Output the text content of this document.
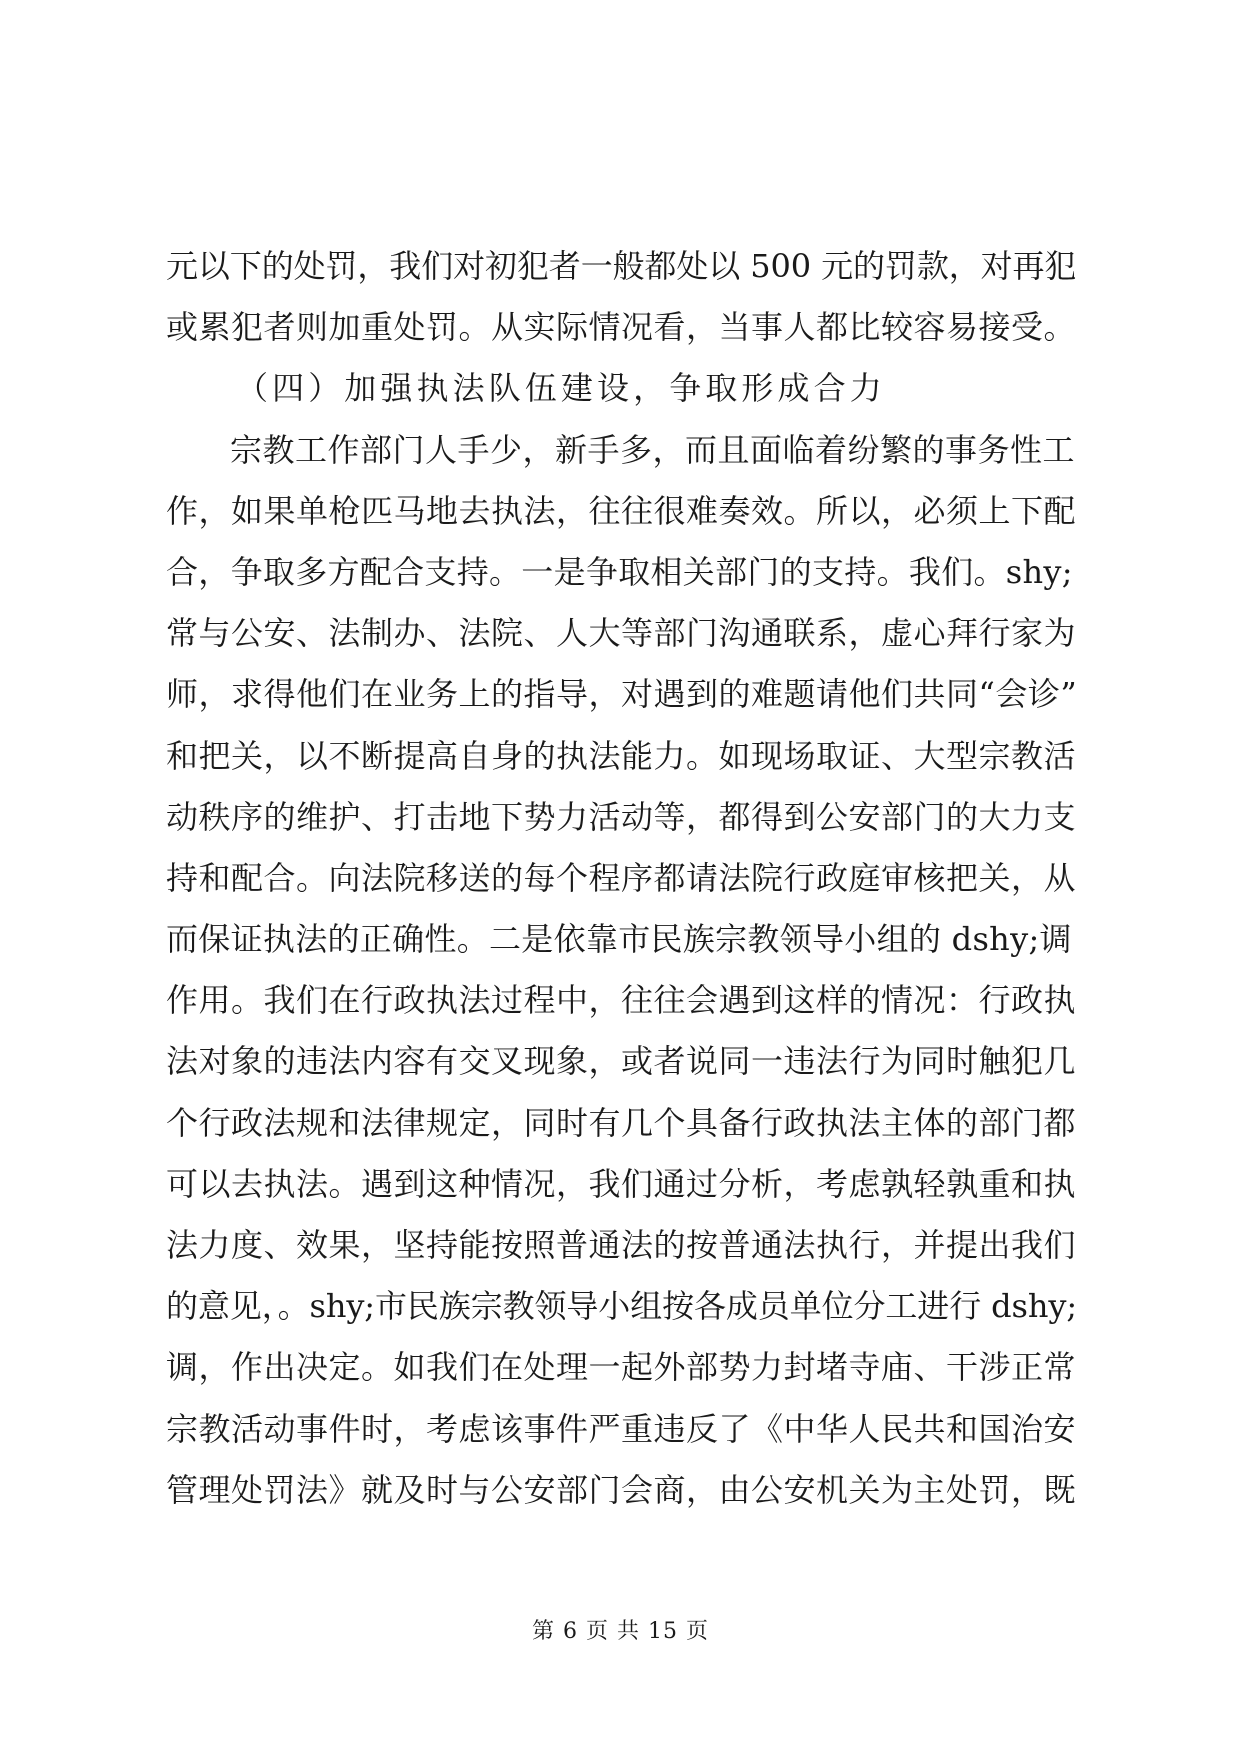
元以下的处罚，我们对初犯者一般都处以 500 元的罚款，对再犯
或累犯者则加重处罚。从实际情况看，当事人都比较容易接受。
（四）加强执法队伍建设，争取形成合力
宗教工作部门人手少，新手多，而且面临着纷繁的事务性工
作，如果单枪匹马地去执法，往往很难奏效。所以，必须上下配
合，争取多方配合支持。一是争取相关部门的支持。我们。shy;
常与公安、法制办、法院、人大等部门沟通联系，虚心拜行家为
师，求得他们在业务上的指导，对遇到的难题请他们共同“会诊”
和把关，以不断提高自身的执法能力。如现场取证、大型宗教活
动秩序的维护、打击地下势力活动等，都得到公安部门的大力支
持和配合。向法院移送的每个程序都请法院行政庭审核把关，从
而保证执法的正确性。二是依靠市民族宗教领导小组的 dshy;调
作用。我们在行政执法过程中，往往会遇到这样的情况：行政执
法对象的违法内容有交叉现象，或者说同一违法行为同时触犯几
个行政法规和法律规定，同时有几个具备行政执法主体的部门都
可以去执法。遇到这种情况，我们通过分析，考虑孰轻孰重和执
法力度、效果，坚持能按照普通法的按普通法执行，并提出我们
的意见，。shy;市民族宗教领导小组按各成员单位分工进行 dshy;
调，作出决定。如我们在处理一起外部势力封堵寺庙、干涉正常
宗教活动事件时，考虑该事件严重违反了《中华人民共和国治安
管理处罚法》就及时与公安部门会商，由公安机关为主处罚，既
第 6 页 共 15 页
